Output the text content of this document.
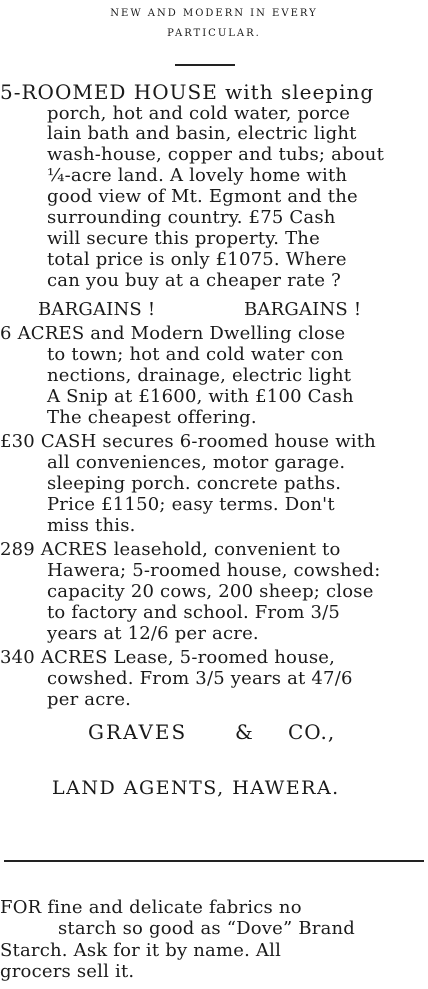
NEW AND MODERN IN EVERY
PARTICULAR.
5-ROOMED HOUSE with sleeping
porch, hot and cold water, porce
lain bath and basin, electric light
wash-house, copper and tubs; about
¼-acre land. A lovely home with
good view of Mt. Egmont and the
surrounding country. £75 Cash
will secure this property. The
total price is only £1075. Where
can you buy at a cheaper rate ?
BARGAINS !	BARGAINS !
6 ACRES and Modern Dwelling close
to town; hot and cold water con
nections, drainage, electric light
A Snip at £1600, with £100 Cash
The cheapest offering.
£30 CASH secures 6-roomed house with
all conveniences, motor garage.
sleeping porch. concrete paths.
Price £1150; easy terms. Don't
miss this.
289 ACRES leasehold, convenient to
Hawera; 5-roomed house, cowshed:
capacity 20 cows, 200 sheep; close
to factory and school. From 3/5
years at 12/6 per acre.
340 ACRES Lease, 5-roomed house,
cowshed. From 3/5 years at 47/6
per acre.
GRAVES & CO.,
LAND AGENTS, HAWERA.
FOR fine and delicate fabrics no
starch so good as “Dove” Brand
Starch. Ask for it by name. All
grocers sell it.
